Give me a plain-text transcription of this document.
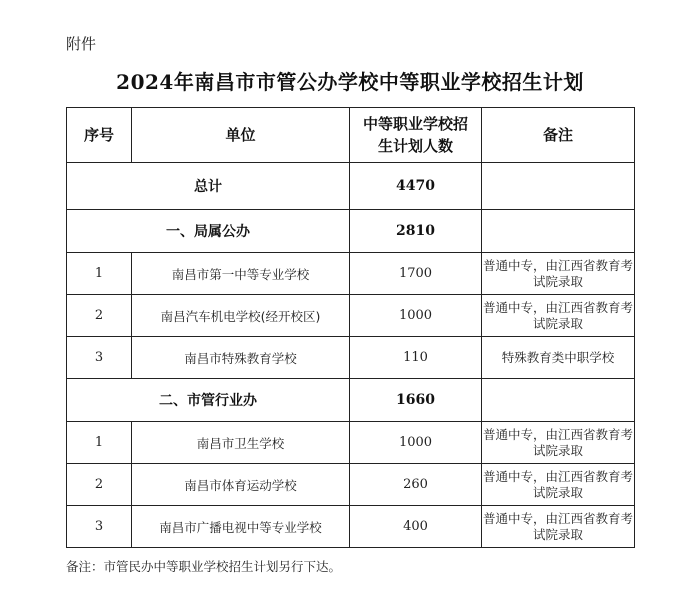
附件
2024年南昌市市管公办学校中等职业学校招生计划
序号	单位	中等职业学校招生计划人数	备注
总计		4470	
一、局属公办		2810	
1	南昌市第一中等专业学校	1700	普通中专，由江西省教育考试院录取
2	南昌汽车机电学校(经开校区)	1000	普通中专，由江西省教育考试院录取
3	南昌市特殊教育学校	110	特殊教育类中职学校
二、市管行业办		1660	
1	南昌市卫生学校	1000	普通中专，由江西省教育考试院录取
2	南昌市体育运动学校	260	普通中专，由江西省教育考试院录取
3	南昌市广播电视中等专业学校	400	普通中专，由江西省教育考试院录取
备注：市管民办中等职业学校招生计划另行下达。
